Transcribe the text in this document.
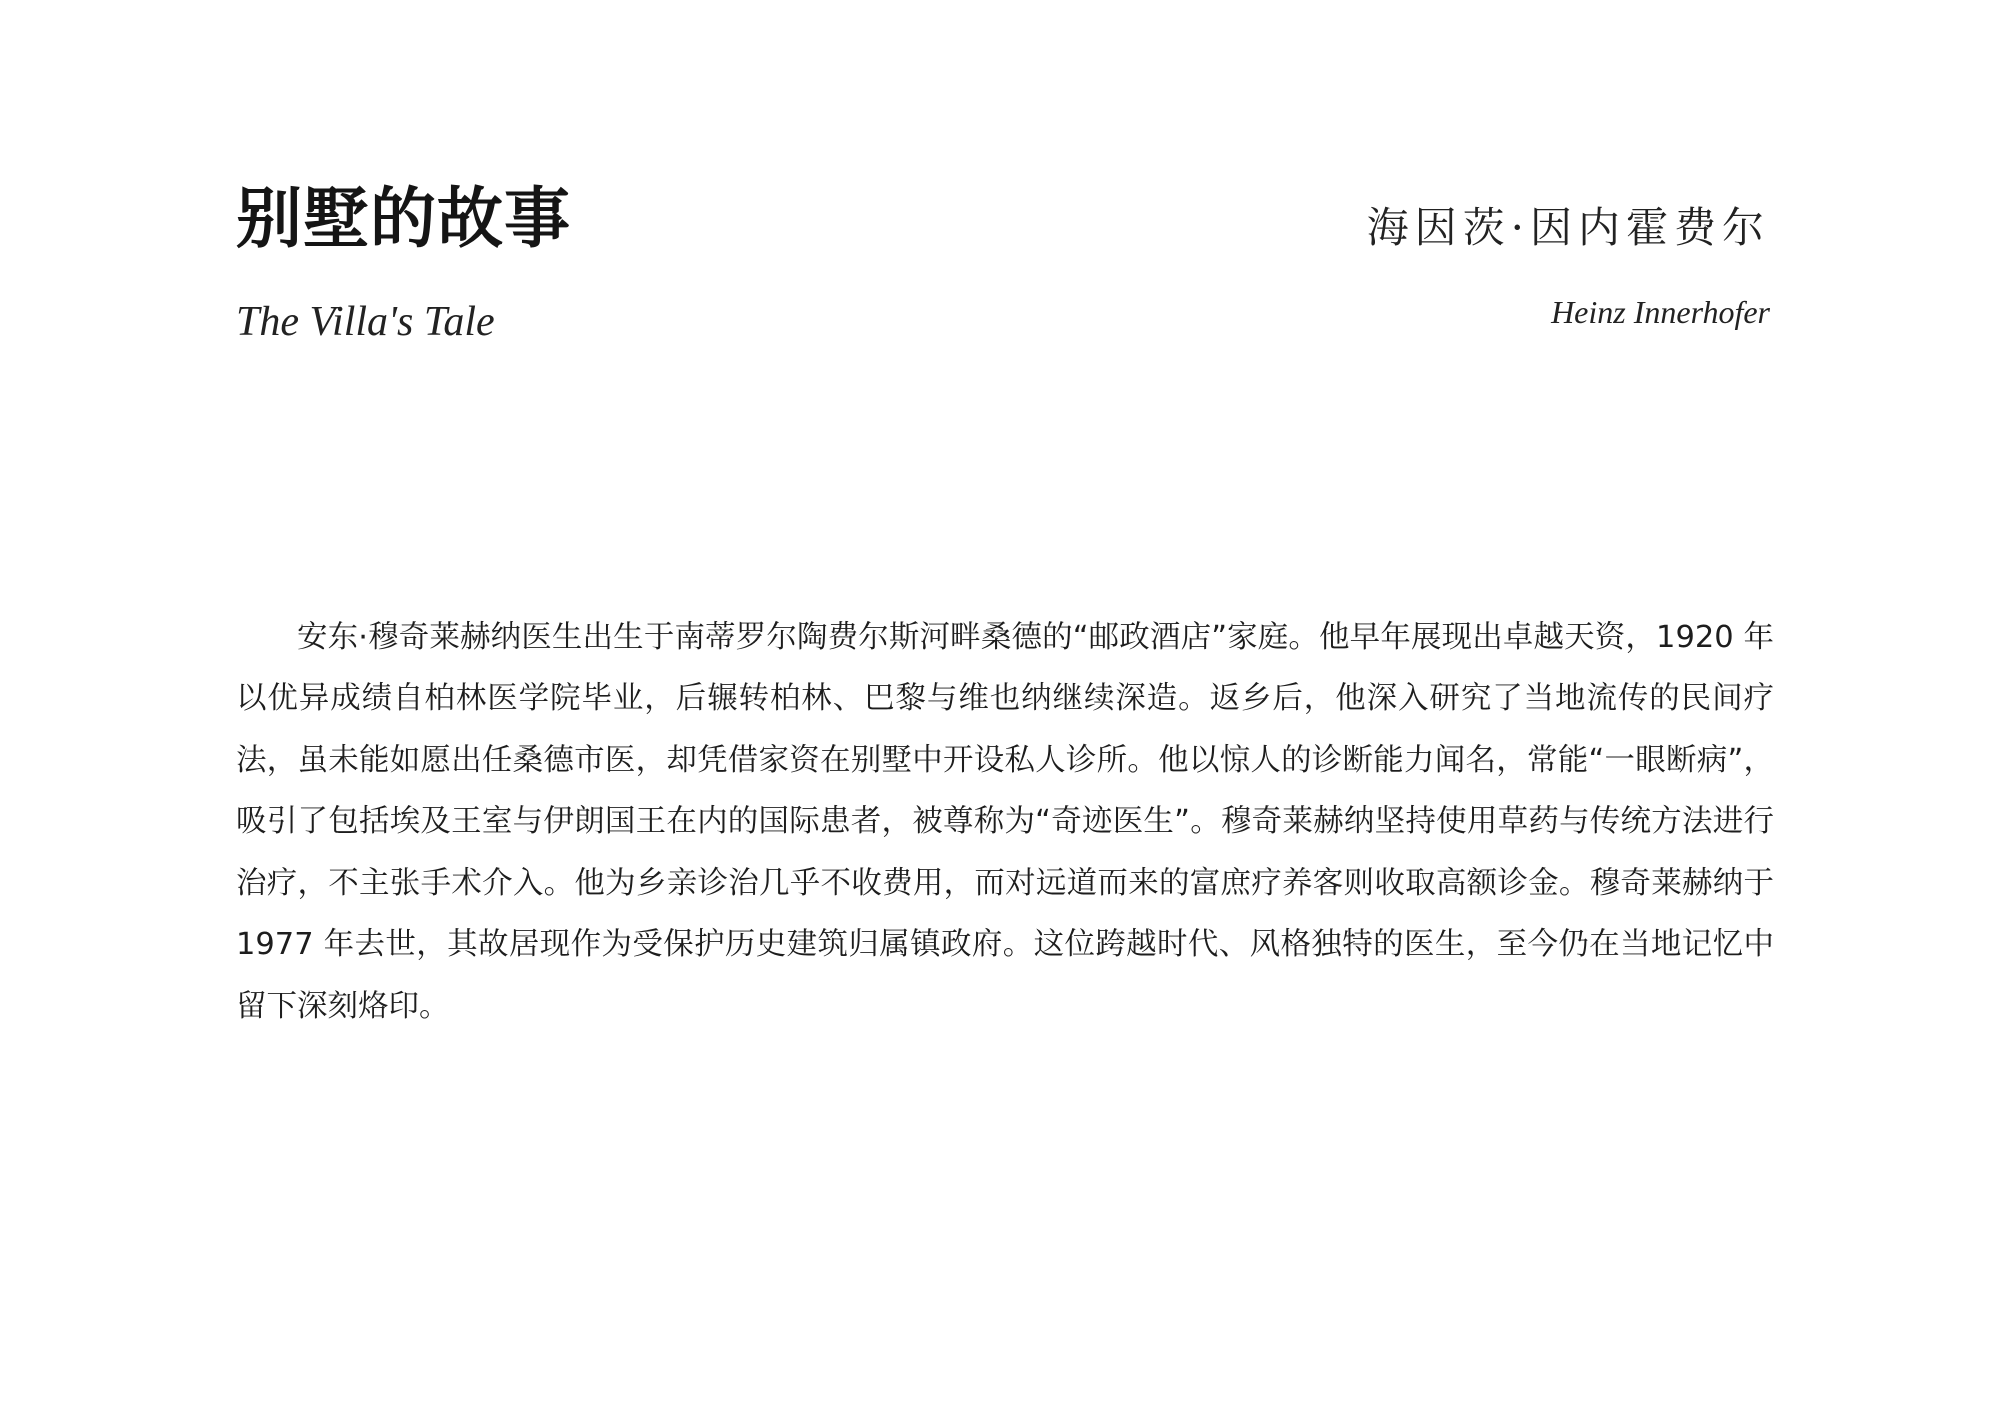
别墅的故事
The Villa's Tale
海因茨·因内霍费尔
Heinz Innerhofer

安东·穆奇莱赫纳医生出生于南蒂罗尔陶费尔斯河畔桑德的“邮政酒店”家庭。他早年展现出卓越天资，1920 年以优异成绩自柏林医学院毕业，后辗转柏林、巴黎与维也纳继续深造。返乡后，他深入研究了当地流传的民间疗法，虽未能如愿出任桑德市医，却凭借家资在别墅中开设私人诊所。他以惊人的诊断能力闻名，常能“一眼断病”，吸引了包括埃及王室与伊朗国王在内的国际患者，被尊称为“奇迹医生”。穆奇莱赫纳坚持使用草药与传统方法进行治疗，不主张手术介入。他为乡亲诊治几乎不收费用，而对远道而来的富庶疗养客则收取高额诊金。穆奇莱赫纳于 1977 年去世，其故居现作为受保护历史建筑归属镇政府。这位跨越时代、风格独特的医生，至今仍在当地记忆中留下深刻烙印。
